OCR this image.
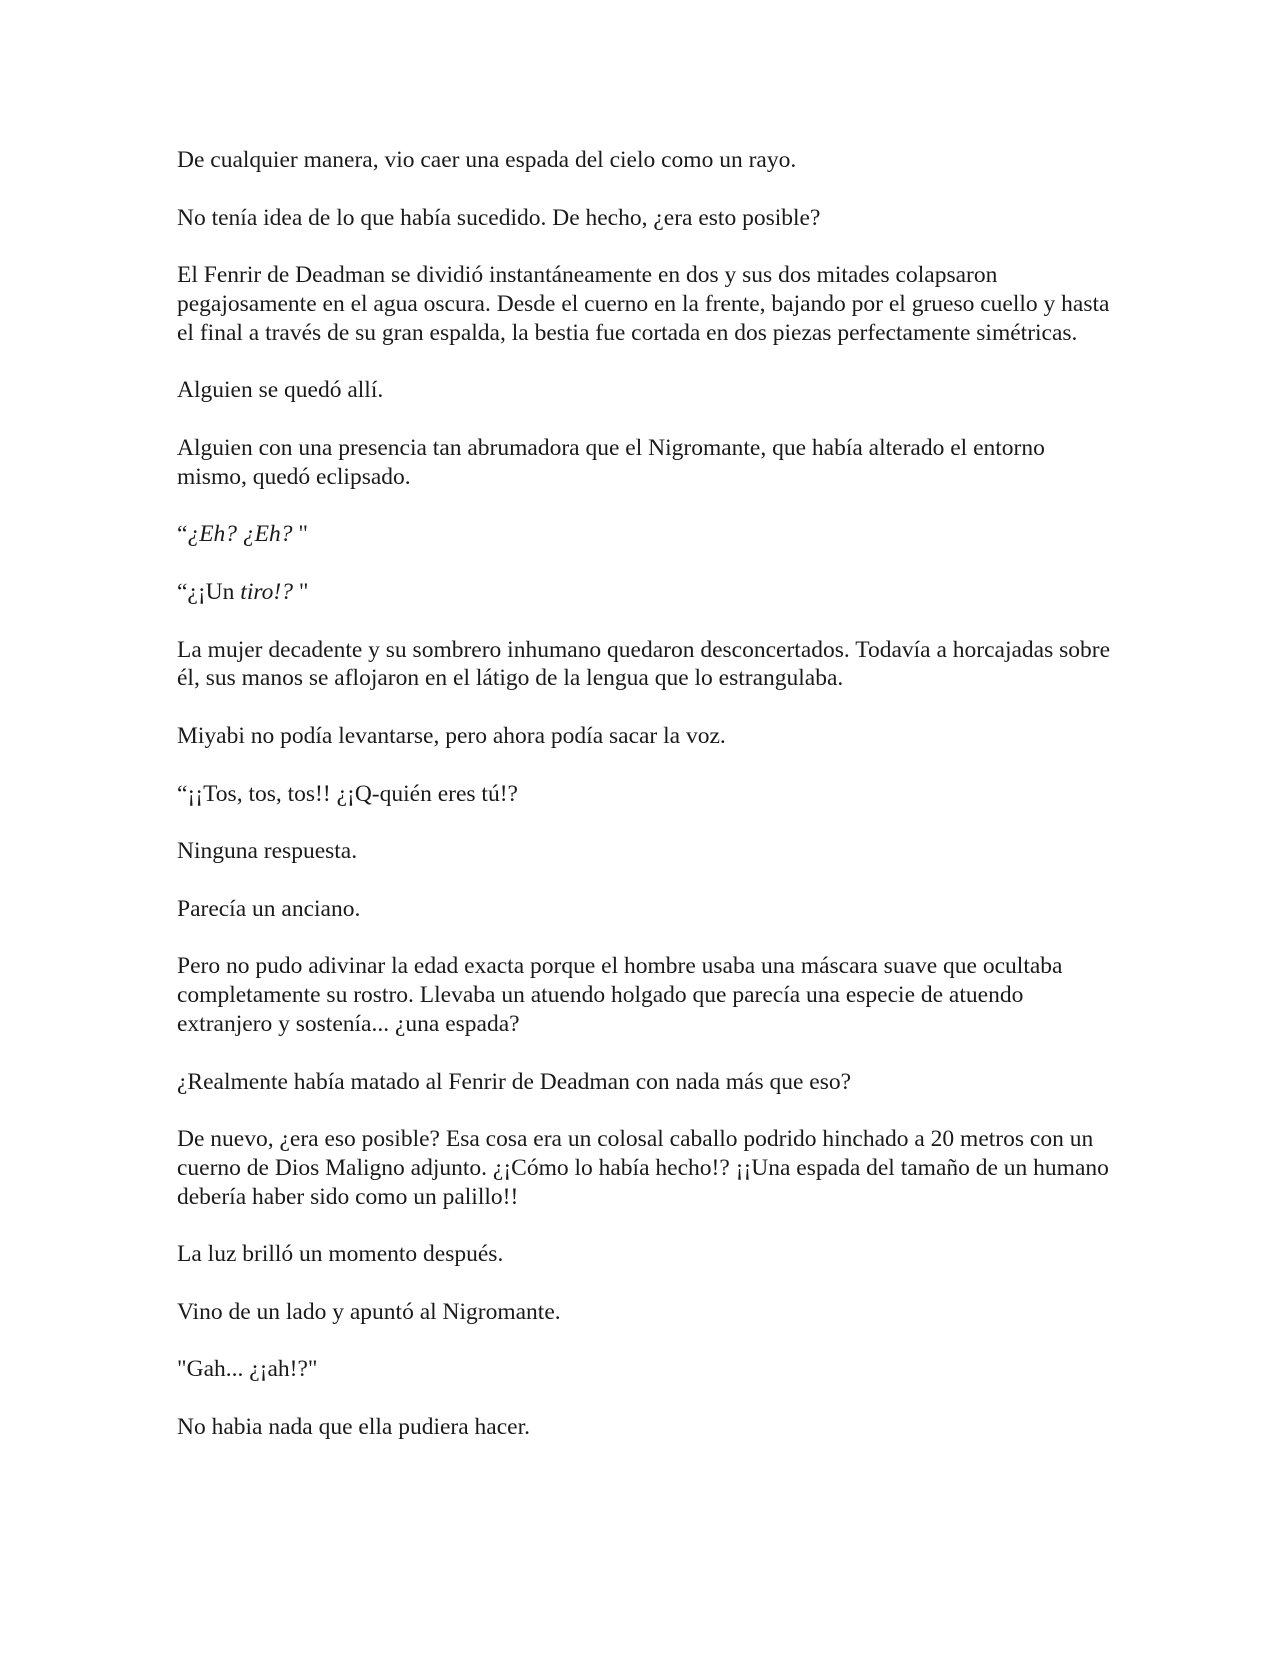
De cualquier manera, vio caer una espada del cielo como un rayo.

No tenía idea de lo que había sucedido. De hecho, ¿era esto posible?

El Fenrir de Deadman se dividió instantáneamente en dos y sus dos mitades colapsaron pegajosamente en el agua oscura. Desde el cuerno en la frente, bajando por el grueso cuello y hasta el final a través de su gran espalda, la bestia fue cortada en dos piezas perfectamente simétricas.

Alguien se quedó allí.

Alguien con una presencia tan abrumadora que el Nigromante, que había alterado el entorno mismo, quedó eclipsado.

“¿Eh? ¿Eh? "

“¿¡Un tiro!? "

La mujer decadente y su sombrero inhumano quedaron desconcertados. Todavía a horcajadas sobre él, sus manos se aflojaron en el látigo de la lengua que lo estrangulaba.

Miyabi no podía levantarse, pero ahora podía sacar la voz.

“¡¡Tos, tos, tos!! ¿¡Q-quién eres tú!?

Ninguna respuesta.

Parecía un anciano.

Pero no pudo adivinar la edad exacta porque el hombre usaba una máscara suave que ocultaba completamente su rostro. Llevaba un atuendo holgado que parecía una especie de atuendo extranjero y sostenía... ¿una espada?

¿Realmente había matado al Fenrir de Deadman con nada más que eso?

De nuevo, ¿era eso posible? Esa cosa era un colosal caballo podrido hinchado a 20 metros con un cuerno de Dios Maligno adjunto. ¿¡Cómo lo había hecho!? ¡¡Una espada del tamaño de un humano debería haber sido como un palillo!!

La luz brilló un momento después.

Vino de un lado y apuntó al Nigromante.

"Gah... ¿¡ah!?"

No habia nada que ella pudiera hacer.
